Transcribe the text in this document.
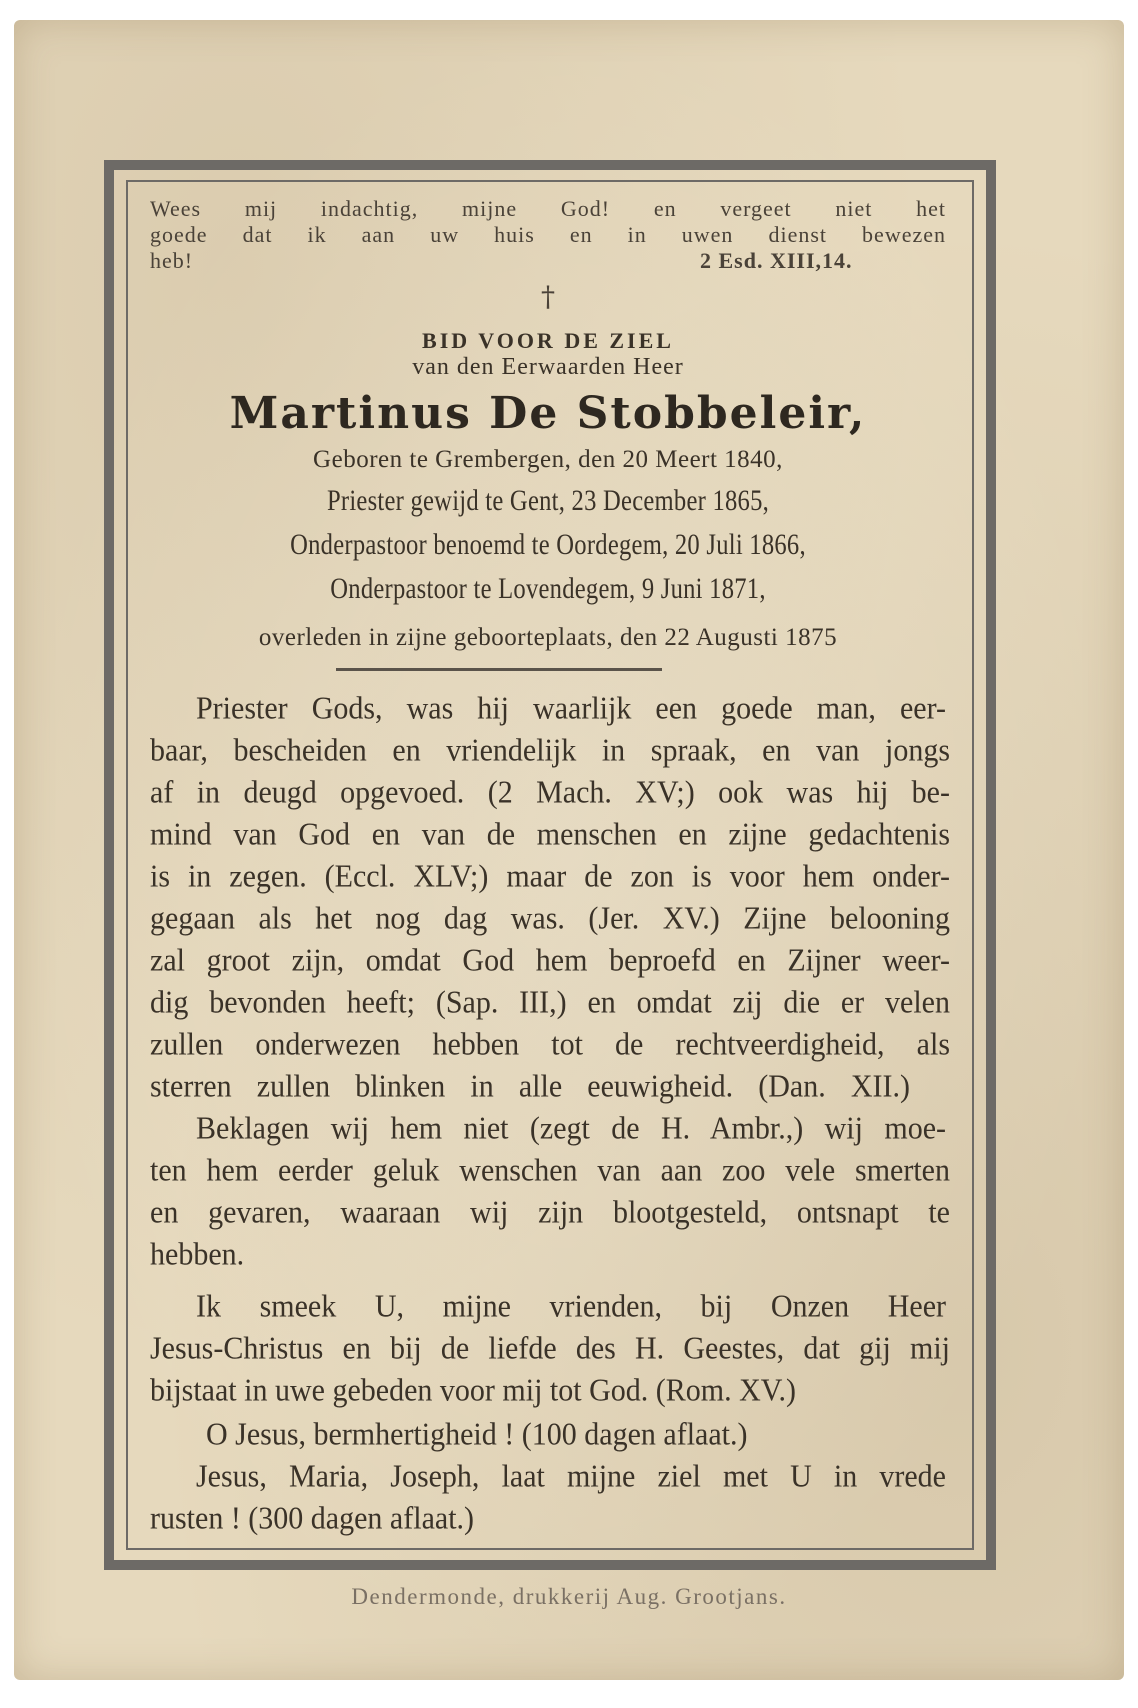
Wees mij indachtig, mijne God! en vergeet niet het
goede dat ik aan uw huis en in uwen dienst bewezen
heb!	2 Esd. XIII,14.
†
BID VOOR DE ZIEL
van den Eerwaarden Heer
Martinus De Stobbeleir,
Geboren te Grembergen, den 20 Meert 1840,
Priester gewijd te Gent, 23 December 1865,
Onderpastoor benoemd te Oordegem, 20 Juli 1866,
Onderpastoor te Lovendegem, 9 Juni 1871,
overleden in zijne geboorteplaats, den 22 Augusti 1875
Priester Gods, was hij waarlijk een goede man, eer-
baar, bescheiden en vriendelijk in spraak, en van jongs
af in deugd opgevoed. (2 Mach. XV;) ook was hij be-
mind van God en van de menschen en zijne gedachtenis
is in zegen. (Eccl. XLV;) maar de zon is voor hem onder-
gegaan als het nog dag was. (Jer. XV.) Zijne belooning
zal groot zijn, omdat God hem beproefd en Zijner weer-
dig bevonden heeft; (Sap. III,) en omdat zij die er velen
zullen onderwezen hebben tot de rechtveerdigheid, als
sterren zullen blinken in alle eeuwigheid. (Dan. XII.)
Beklagen wij hem niet (zegt de H. Ambr.,) wij moe-
ten hem eerder geluk wenschen van aan zoo vele smerten
en gevaren, waaraan wij zijn blootgesteld, ontsnapt te
hebben.
Ik smeek U, mijne vrienden, bij Onzen Heer
Jesus-Christus en bij de liefde des H. Geestes, dat gij mij
bijstaat in uwe gebeden voor mij tot God. (Rom. XV.)
O Jesus, bermhertigheid ! (100 dagen aflaat.)
Jesus, Maria, Joseph, laat mijne ziel met U in vrede
rusten ! (300 dagen aflaat.)
Dendermonde, drukkerij Aug. Grootjans.
